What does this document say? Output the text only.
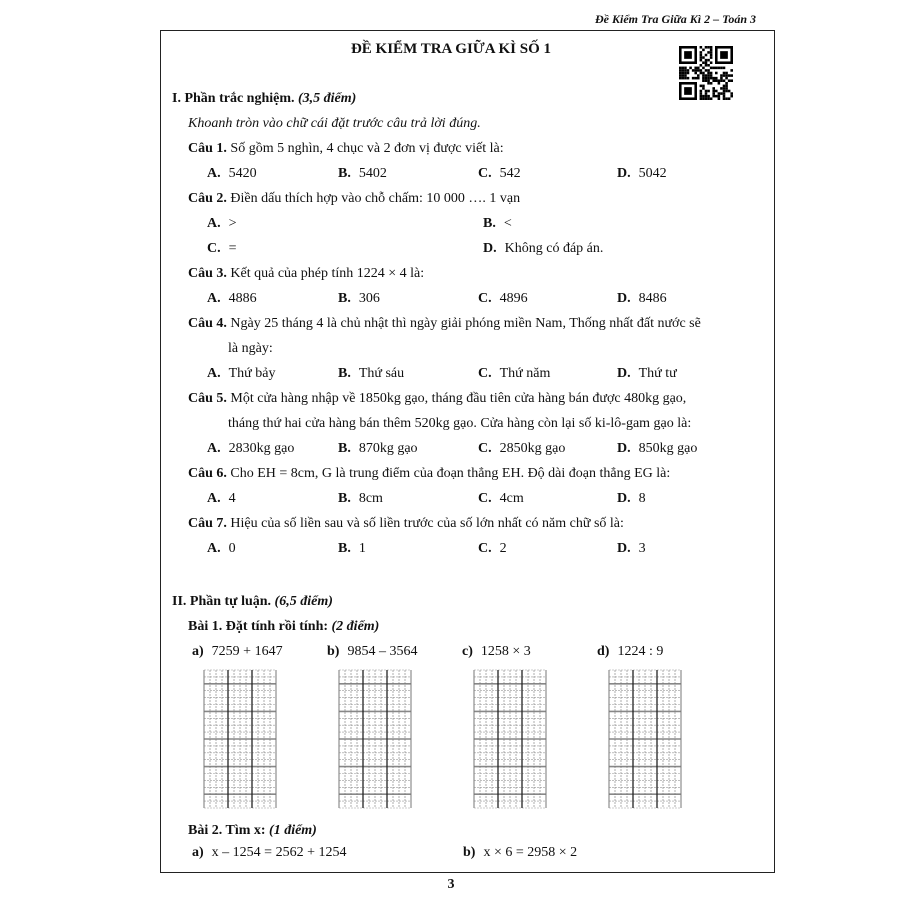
Đề Kiểm Tra Giữa Kì 2 – Toán 3
ĐỀ KIỂM TRA GIỮA KÌ SỐ 1
I. Phần trắc nghiệm. (3,5 điểm)
Khoanh tròn vào chữ cái đặt trước câu trả lời đúng.
Câu 1. Số gồm 5 nghìn, 4 chục và 2 đơn vị được viết là:
A. 5420	B. 5402	C. 542	D. 5042
Câu 2. Điền dấu thích hợp vào chỗ chấm: 10 000 …. 1 vạn
A. >	B. <
C. =	D. Không có đáp án.
Câu 3. Kết quả của phép tính 1224 × 4 là:
A. 4886	B. 306	C. 4896	D. 8486
Câu 4. Ngày 25 tháng 4 là chủ nhật thì ngày giải phóng miền Nam, Thống nhất đất nước sẽ
là ngày:
A. Thứ bảy	B. Thứ sáu	C. Thứ năm	D. Thứ tư
Câu 5. Một cửa hàng nhập về 1850kg gạo, tháng đầu tiên cửa hàng bán được 480kg gạo,
tháng thứ hai cửa hàng bán thêm 520kg gạo. Cửa hàng còn lại số ki-lô-gam gạo là:
A. 2830kg gạo	B. 870kg gạo	C. 2850kg gạo	D. 850kg gạo
Câu 6. Cho EH = 8cm, G là trung điểm của đoạn thẳng EH. Độ dài đoạn thẳng EG là:
A. 4	B. 8cm	C. 4cm	D. 8
Câu 7. Hiệu của số liền sau và số liền trước của số lớn nhất có năm chữ số là:
A. 0	B. 1	C. 2	D. 3
II. Phần tự luận. (6,5 điểm)
Bài 1. Đặt tính rồi tính: (2 điểm)
a) 7259 + 1647	b) 9854 – 3564	c) 1258 × 3	d) 1224 : 9
Bài 2. Tìm x: (1 điểm)
a) x – 1254 = 2562 + 1254	b) x × 6 = 2958 × 2
3
